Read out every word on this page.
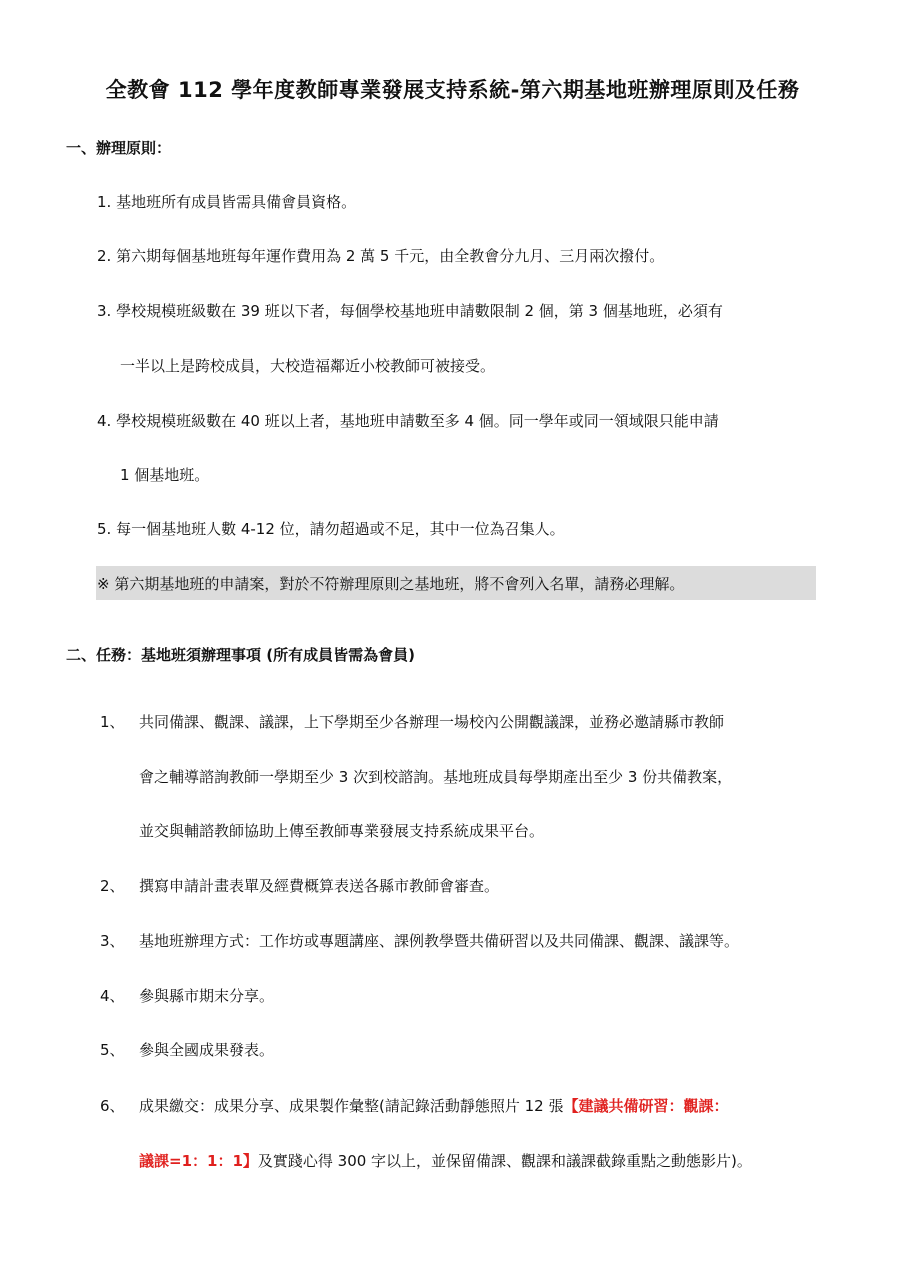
全教會 112 學年度教師專業發展支持系統-第六期基地班辦理原則及任務
一、辦理原則：
1. 基地班所有成員皆需具備會員資格。
2. 第六期每個基地班每年運作費用為 2 萬 5 千元，由全教會分九月、三月兩次撥付。
3. 學校規模班級數在 39 班以下者，每個學校基地班申請數限制 2 個，第 3 個基地班，必須有
一半以上是跨校成員，大校造福鄰近小校教師可被接受。
4. 學校規模班級數在 40 班以上者，基地班申請數至多 4 個。同一學年或同一領域限只能申請
1 個基地班。
5. 每一個基地班人數 4-12 位，請勿超過或不足，其中一位為召集人。
※ 第六期基地班的申請案，對於不符辦理原則之基地班，將不會列入名單，請務必理解。
二、任務：基地班須辦理事項 (所有成員皆需為會員)
1、 共同備課、觀課、議課，上下學期至少各辦理一場校內公開觀議課，並務必邀請縣市教師
會之輔導諮詢教師一學期至少 3 次到校諮詢。基地班成員每學期產出至少 3 份共備教案，
並交與輔諮教師協助上傳至教師專業發展支持系統成果平台。
2、 撰寫申請計畫表單及經費概算表送各縣市教師會審查。
3、 基地班辦理方式：工作坊或專題講座、課例教學暨共備研習以及共同備課、觀課、議課等。
4、 參與縣市期末分享。
5、 參與全國成果發表。
6、 成果繳交：成果分享、成果製作彙整(請記錄活動靜態照片 12 張【建議共備研習：觀課：
議課=1：1：1】及實踐心得 300 字以上，並保留備課、觀課和議課截錄重點之動態影片)。
